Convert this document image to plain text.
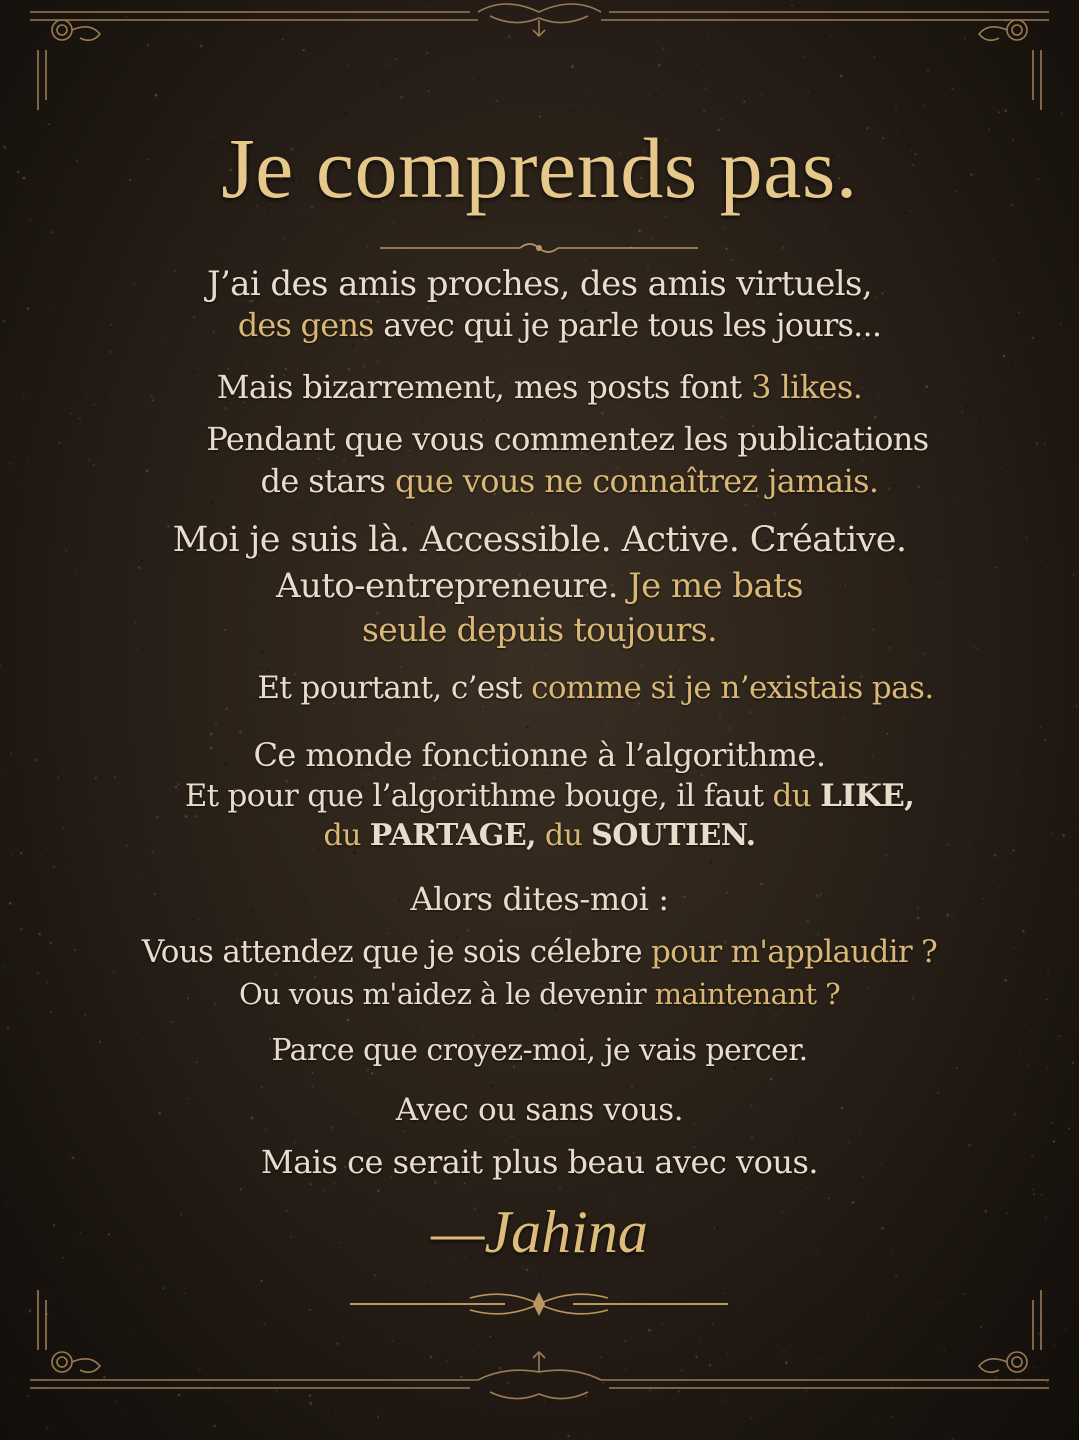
Je comprends pas.
J’ai des amis proches, des amis virtuels,
des gens avec qui je parle tous les jours...
Mais bizarrement, mes posts font 3 likes.
Pendant que vous commentez les publications
de stars que vous ne connaîtrez jamais.
Moi je suis là. Accessible. Active. Créative.
Auto-entrepreneure. Je me bats
seule depuis toujours.
Et pourtant, c’est comme si je n’existais pas.
Ce monde fonctionne à l’algorithme.
Et pour que l’algorithme bouge, il faut du LIKE,
du PARTAGE, du SOUTIEN.
Alors dites-moi :
Vous attendez que je sois célebre pour m'applaudir ?
Ou vous m'aidez à le devenir maintenant ?
Parce que croyez-moi, je vais percer.
Avec ou sans vous.
Mais ce serait plus beau avec vous.
—Jahina
